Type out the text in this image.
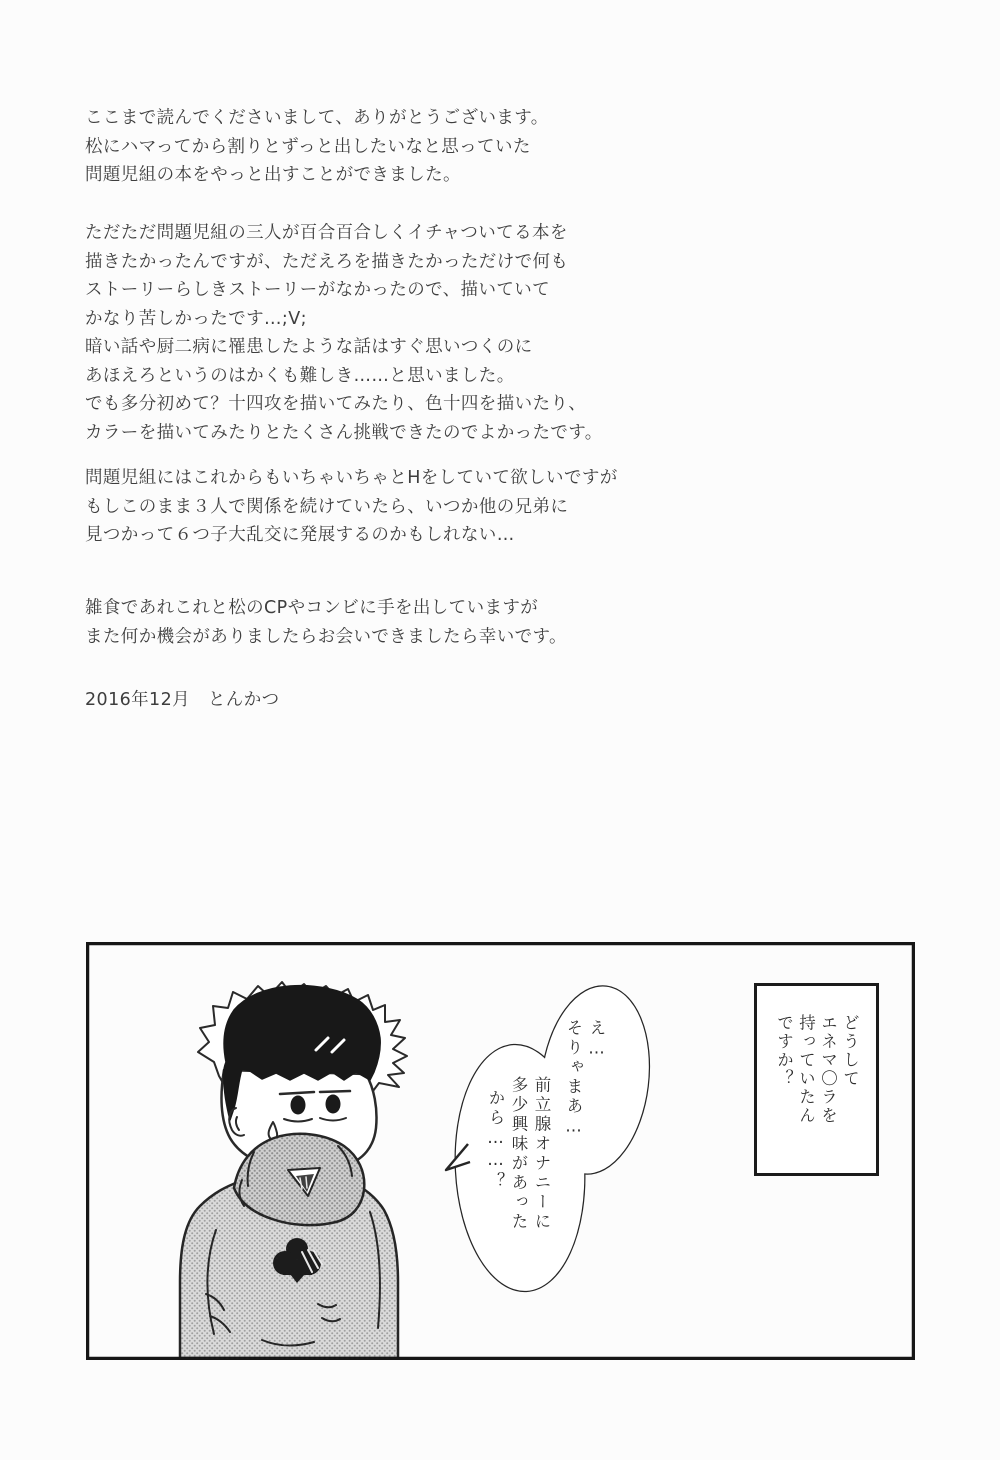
ここまで読んでくださいまして、ありがとうございます。
松にハマってから割りとずっと出したいなと思っていた
問題児組の本をやっと出すことができました。
ただただ問題児組の三人が百合百合しくイチャついてる本を
描きたかったんですが、ただえろを描きたかっただけで何も
ストーリーらしきストーリーがなかったので、描いていて
かなり苦しかったです…;V;
暗い話や厨二病に罹患したような話はすぐ思いつくのに
あほえろというのはかくも難しき……と思いました。
でも多分初めて？十四攻を描いてみたり、色十四を描いたり、
カラーを描いてみたりとたくさん挑戦できたのでよかったです。
問題児組にはこれからもいちゃいちゃとHをしていて欲しいですが
もしこのまま３人で関係を続けていたら、いつか他の兄弟に
見つかって６つ子大乱交に発展するのかもしれない…
雑食であれこれと松のCPやコンビに手を出していますが
また何か機会がありましたらお会いできましたら幸いです。
2016年12月　とんかつ
どうして
エネマ〇ラを
持っていたん
ですか？
え…
そりゃまあ…
前立腺オナニーに
多少興味があった
から……？
